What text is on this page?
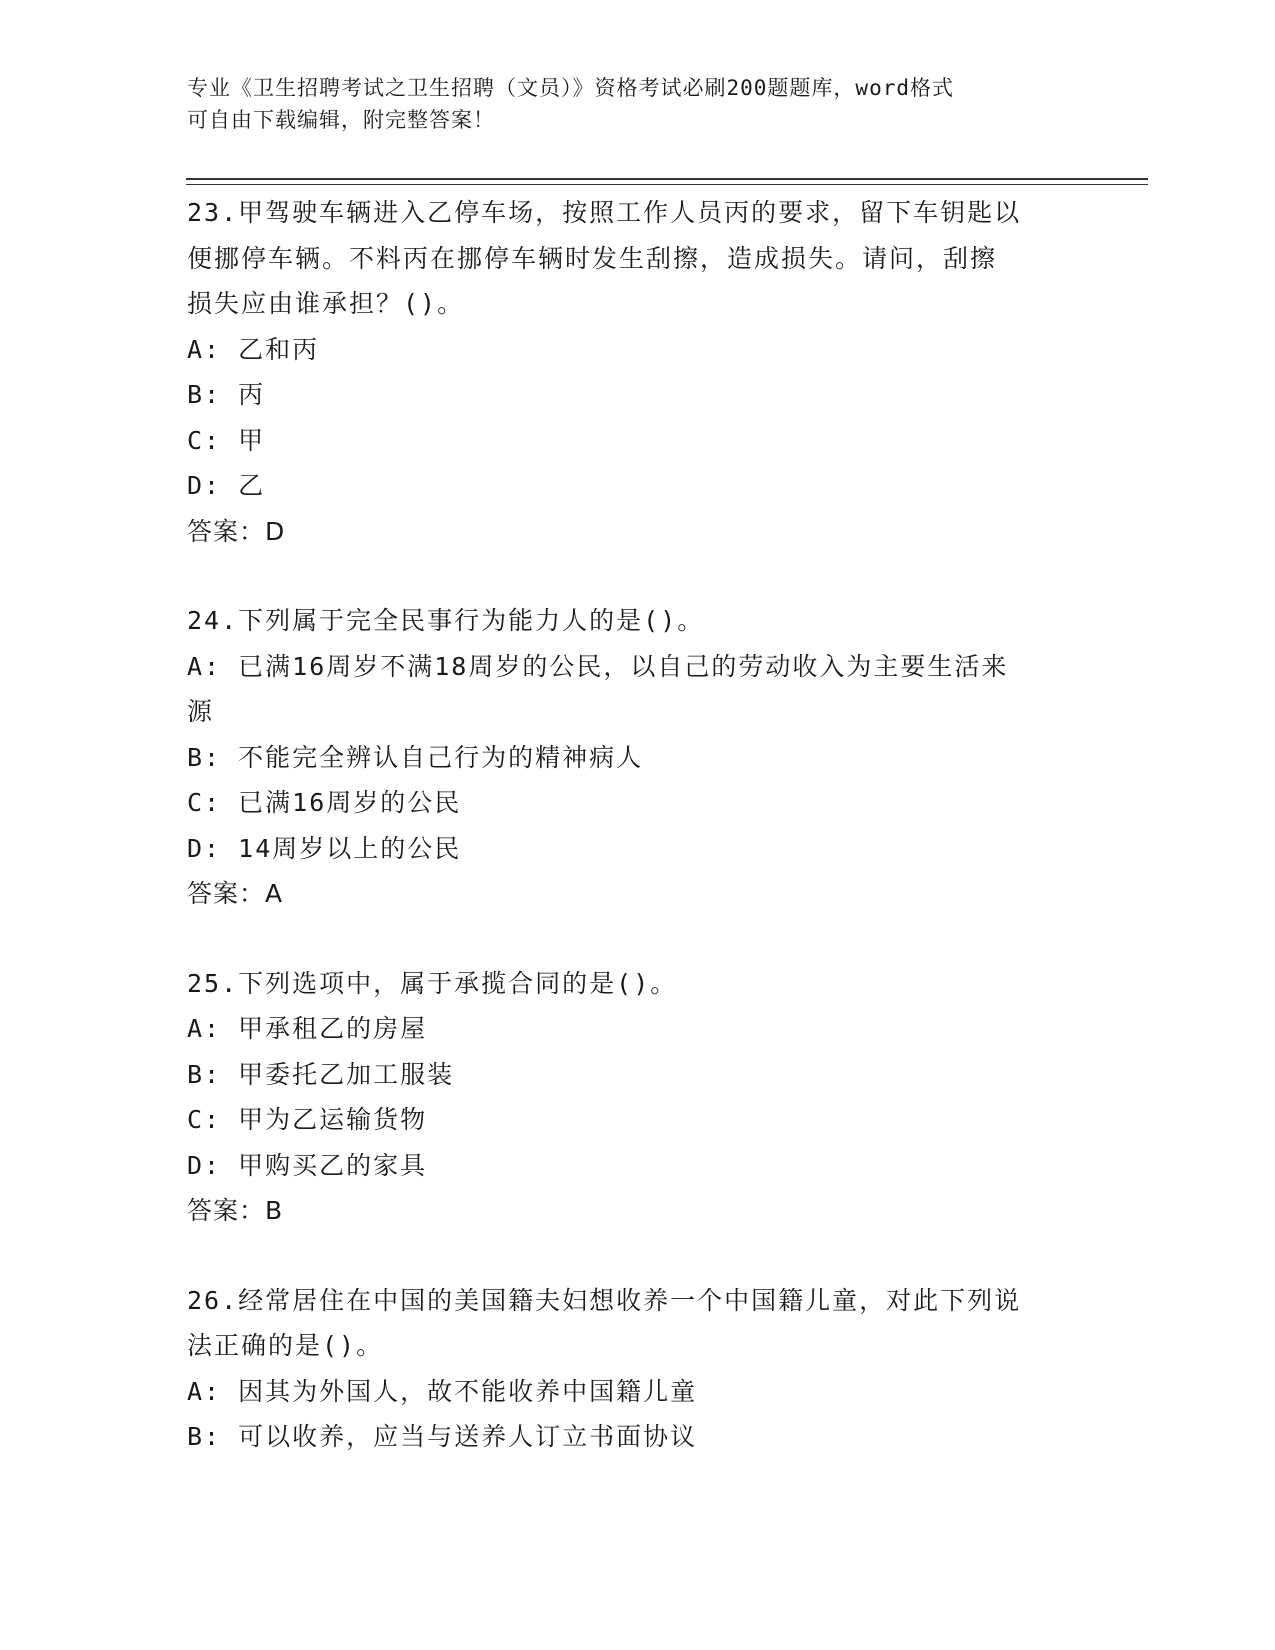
专业《卫生招聘考试之卫生招聘（文员）》资格考试必刷200题题库，word格式
可自由下载编辑，附完整答案！
23.甲驾驶车辆进入乙停车场，按照工作人员丙的要求，留下车钥匙以
便挪停车辆。不料丙在挪停车辆时发生刮擦，造成损失。请问，刮擦
损失应由谁承担？()。
A: 乙和丙
B: 丙
C: 甲
D: 乙
答案：D
24.下列属于完全民事行为能力人的是()。
A: 已满16周岁不满18周岁的公民，以自己的劳动收入为主要生活来
源
B: 不能完全辨认自己行为的精神病人
C: 已满16周岁的公民
D: 14周岁以上的公民
答案：A
25.下列选项中，属于承揽合同的是()。
A: 甲承租乙的房屋
B: 甲委托乙加工服装
C: 甲为乙运输货物
D: 甲购买乙的家具
答案：B
26.经常居住在中国的美国籍夫妇想收养一个中国籍儿童，对此下列说
法正确的是()。
A: 因其为外国人，故不能收养中国籍儿童
B: 可以收养，应当与送养人订立书面协议
